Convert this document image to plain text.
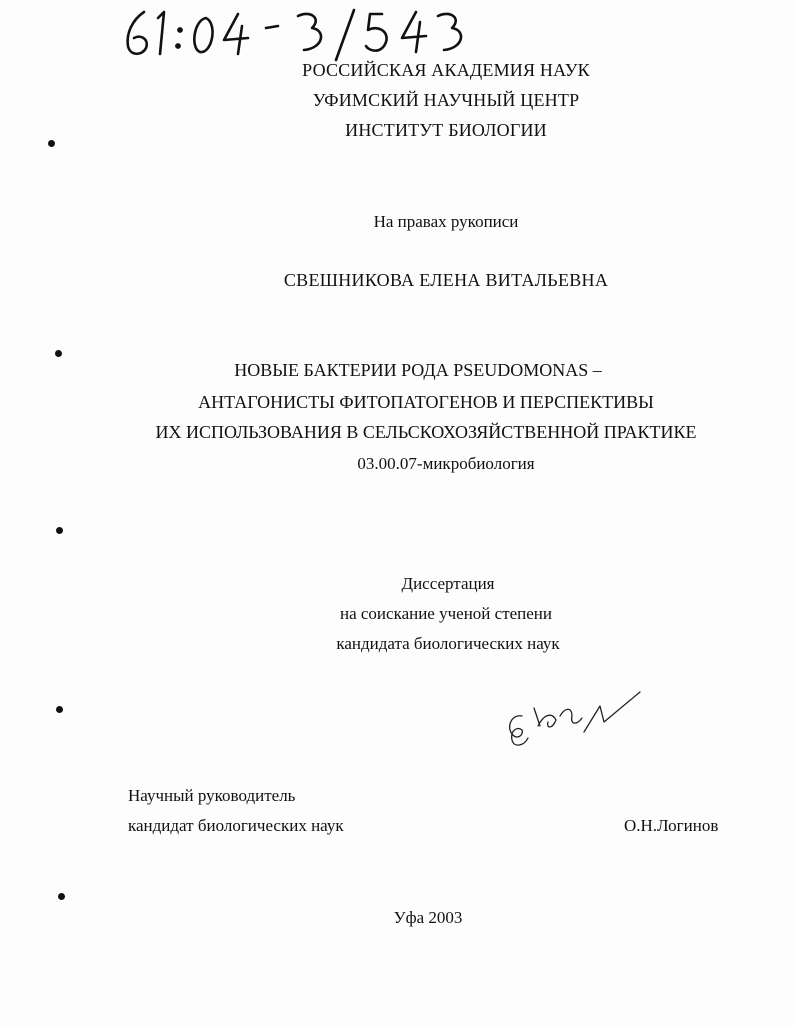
РОССИЙСКАЯ АКАДЕМИЯ НАУК
УФИМСКИЙ НАУЧНЫЙ ЦЕНТР
ИНСТИТУТ БИОЛОГИИ
На правах рукописи
СВЕШНИКОВА ЕЛЕНА ВИТАЛЬЕВНА
НОВЫЕ БАКТЕРИИ РОДА PSEUDOMONAS –
АНТАГОНИСТЫ ФИТОПАТОГЕНОВ И ПЕРСПЕКТИВЫ
ИХ ИСПОЛЬЗОВАНИЯ В СЕЛЬСКОХОЗЯЙСТВЕННОЙ ПРАКТИКЕ
03.00.07-микробиология
Диссертация
на соискание ученой степени
кандидата биологических наук
Научный руководитель
кандидат биологических наук	О.Н.Логинов
Уфа 2003
